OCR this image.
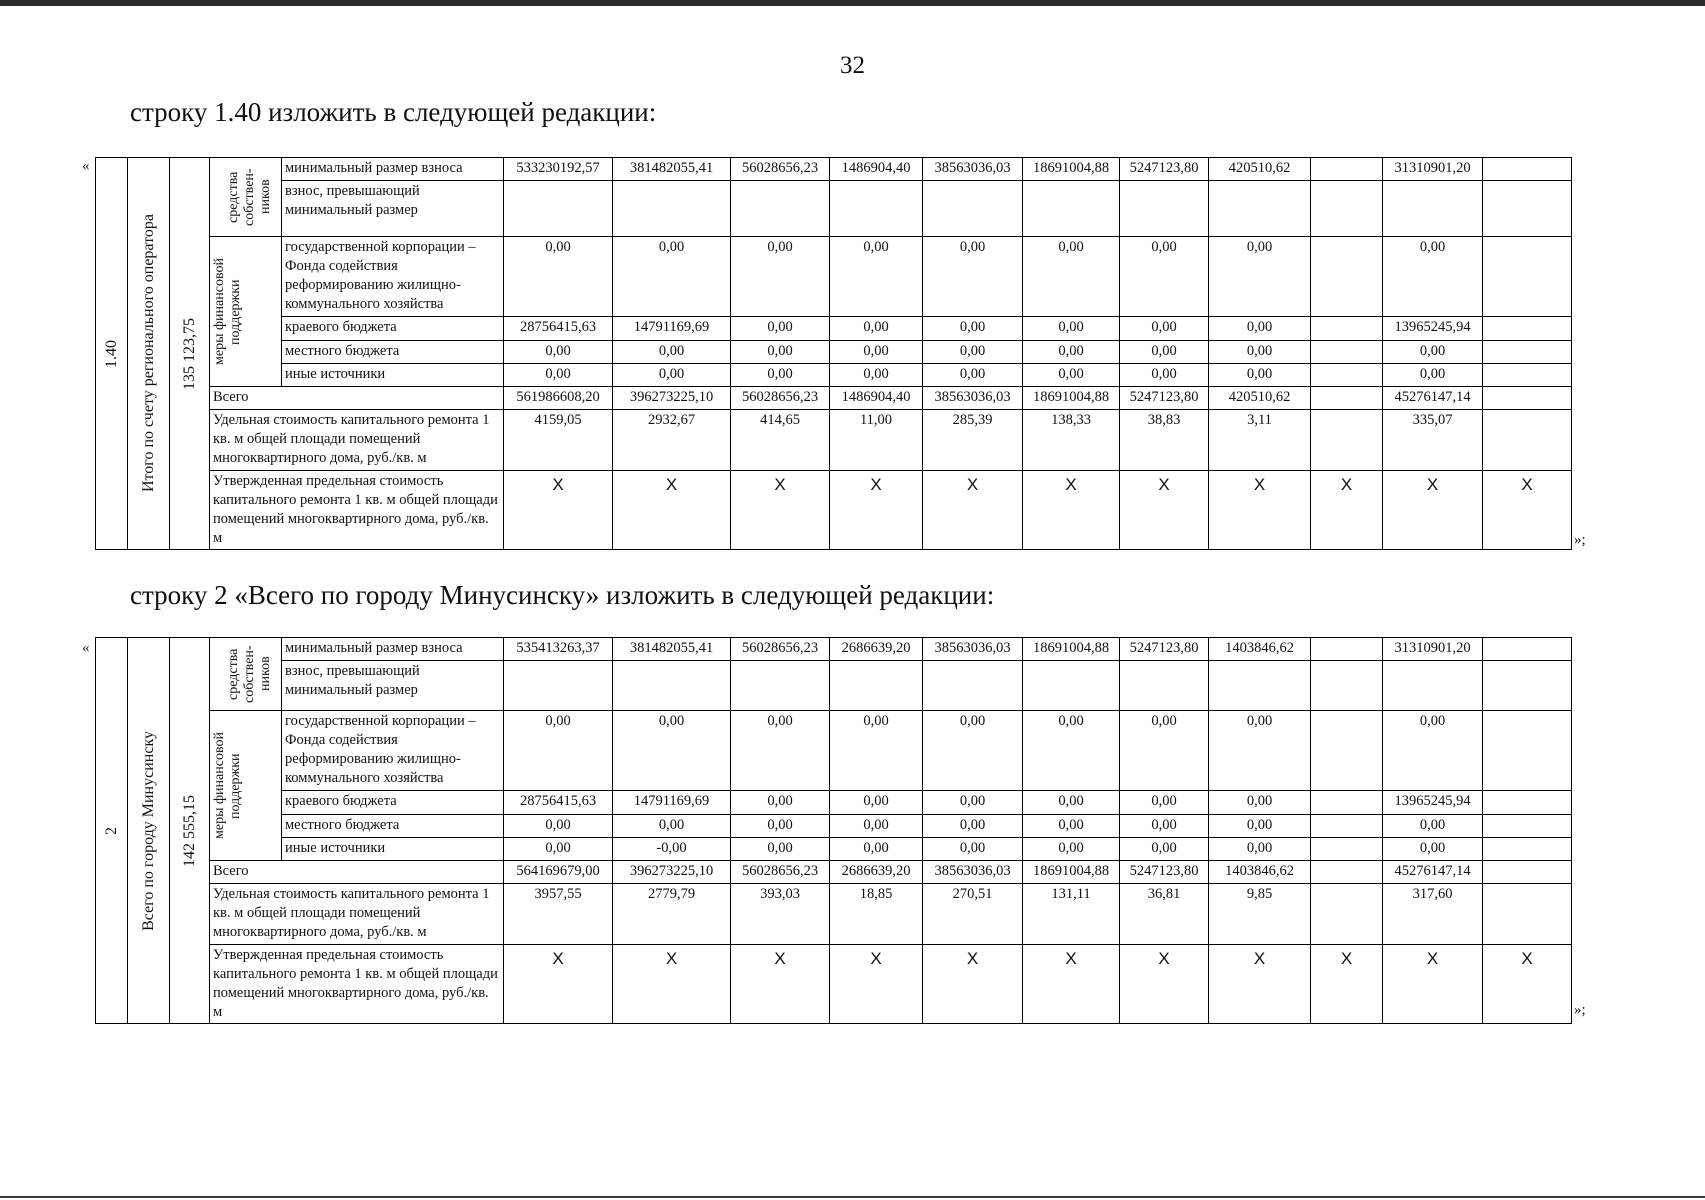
32
строку 1.40 изложить в следующей редакции:
«
»;
1.40	Итого по счету регионального оператора	135 123,75	средства собствен-ников		минимальный размер взноса	533230192,57	381482055,41	56028656,23	1486904,40	38563036,03	18691004,88	5247123,80	420510,62		31310901,20	
					взнос, превышающий минимальный размер											

			меры финансовой поддержки		государственной корпорации – Фонда содействия реформированию жилищно-коммунального хозяйства	0,00	0,00	0,00	0,00	0,00	0,00	0,00	0,00		0,00	
					краевого бюджета	28756415,63	14791169,69	0,00	0,00	0,00	0,00	0,00	0,00		13965245,94	
					местного бюджета	0,00	0,00	0,00	0,00	0,00	0,00	0,00	0,00		0,00	
					иные источники	0,00	0,00	0,00	0,00	0,00	0,00	0,00	0,00		0,00	
			Всего			561986608,20	396273225,10	56028656,23	1486904,40	38563036,03	18691004,88	5247123,80	420510,62		45276147,14	
			Удельная стоимость капитального ремонта 1 кв. м общей площади помещений многоквартирного дома, руб./кв. м			4159,05	2932,67	414,65	11,00	285,39	138,33	38,83	3,11		335,07	
			Утвержденная предельная стоимость капитального ремонта 1 кв. м общей площади помещений многоквартирного дома, руб./кв. м			Х	Х	Х	Х	Х	Х	Х	Х	Х	Х	Х
строку 2 «Всего по городу Минусинску» изложить в следующей редакции:
«
»;
2	Всего по городу Минусинску	142 555,15	средства собствен-ников		минимальный размер взноса	535413263,37	381482055,41	56028656,23	2686639,20	38563036,03	18691004,88	5247123,80	1403846,62		31310901,20	
					взнос, превышающий минимальный размер											

			меры финансовой поддержки		государственной корпорации – Фонда содействия реформированию жилищно-коммунального хозяйства	0,00	0,00	0,00	0,00	0,00	0,00	0,00	0,00		0,00	
					краевого бюджета	28756415,63	14791169,69	0,00	0,00	0,00	0,00	0,00	0,00		13965245,94	
					местного бюджета	0,00	0,00	0,00	0,00	0,00	0,00	0,00	0,00		0,00	
					иные источники	0,00	-0,00	0,00	0,00	0,00	0,00	0,00	0,00		0,00	
			Всего			564169679,00	396273225,10	56028656,23	2686639,20	38563036,03	18691004,88	5247123,80	1403846,62		45276147,14	
			Удельная стоимость капитального ремонта 1 кв. м общей площади помещений многоквартирного дома, руб./кв. м			3957,55	2779,79	393,03	18,85	270,51	131,11	36,81	9,85		317,60	
			Утвержденная предельная стоимость капитального ремонта 1 кв. м общей площади помещений многоквартирного дома, руб./кв. м			Х	Х	Х	Х	Х	Х	Х	Х	Х	Х	Х
